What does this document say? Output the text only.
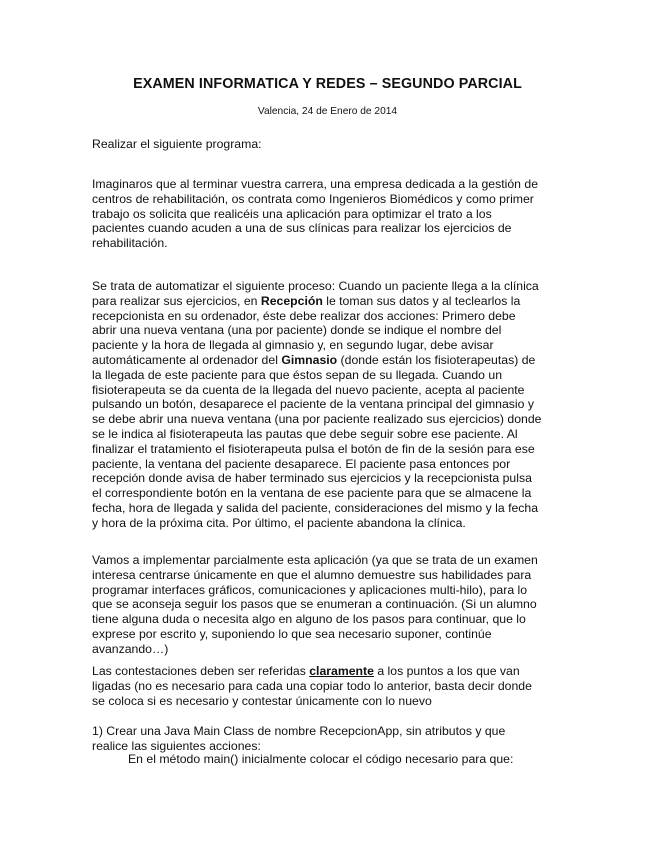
EXAMEN INFORMATICA Y REDES – SEGUNDO PARCIAL
Valencia, 24 de Enero de 2014
Realizar el siguiente programa:
Imaginaros que al terminar vuestra carrera, una empresa dedicada a la gestión de
centros de rehabilitación, os contrata como Ingenieros Biomédicos y como primer
trabajo os solicita que realicéis una aplicación para optimizar el trato a los
pacientes cuando acuden a una de sus clínicas para realizar los ejercicios de
rehabilitación.
Se trata de automatizar el siguiente proceso: Cuando un paciente llega a la clínica
para realizar sus ejercicios, en Recepción le toman sus datos y al teclearlos la
recepcionista en su ordenador, éste debe realizar dos acciones: Primero debe
abrir una nueva ventana (una por paciente) donde se indique el nombre del
paciente y la hora de llegada al gimnasio y, en segundo lugar, debe avisar
automáticamente al ordenador del Gimnasio (donde están los fisioterapeutas) de
la llegada de este paciente para que éstos sepan de su llegada. Cuando un
fisioterapeuta se da cuenta de la llegada del nuevo paciente, acepta al paciente
pulsando un botón, desaparece el paciente de la ventana principal del gimnasio y
se debe abrir una nueva ventana (una por paciente realizado sus ejercicios) donde
se le indica al fisioterapeuta las pautas que debe seguir sobre ese paciente. Al
finalizar el tratamiento el fisioterapeuta pulsa el botón de fin de la sesión para ese
paciente, la ventana del paciente desaparece. El paciente pasa entonces por
recepción donde avisa de haber terminado sus ejercicios y la recepcionista pulsa
el correspondiente botón en la ventana de ese paciente para que se almacene la
fecha, hora de llegada y salida del paciente, consideraciones del mismo y la fecha
y hora de la próxima cita. Por último, el paciente abandona la clínica.
Vamos a implementar parcialmente esta aplicación (ya que se trata de un examen
interesa centrarse únicamente en que el alumno demuestre sus habilidades para
programar interfaces gráficos, comunicaciones y aplicaciones multi-hilo), para lo
que se aconseja seguir los pasos que se enumeran a continuación. (Si un alumno
tiene alguna duda o necesita algo en alguno de los pasos para continuar, que lo
exprese por escrito y, suponiendo lo que sea necesario suponer, continúe
avanzando…)
Las contestaciones deben ser referidas claramente a los puntos a los que van
ligadas (no es necesario para cada una copiar todo lo anterior, basta decir donde
se coloca si es necesario y contestar únicamente con lo nuevo
1) Crear una Java Main Class de nombre RecepcionApp, sin atributos y que
realice las siguientes acciones:
En el método main() inicialmente colocar el código necesario para que:
